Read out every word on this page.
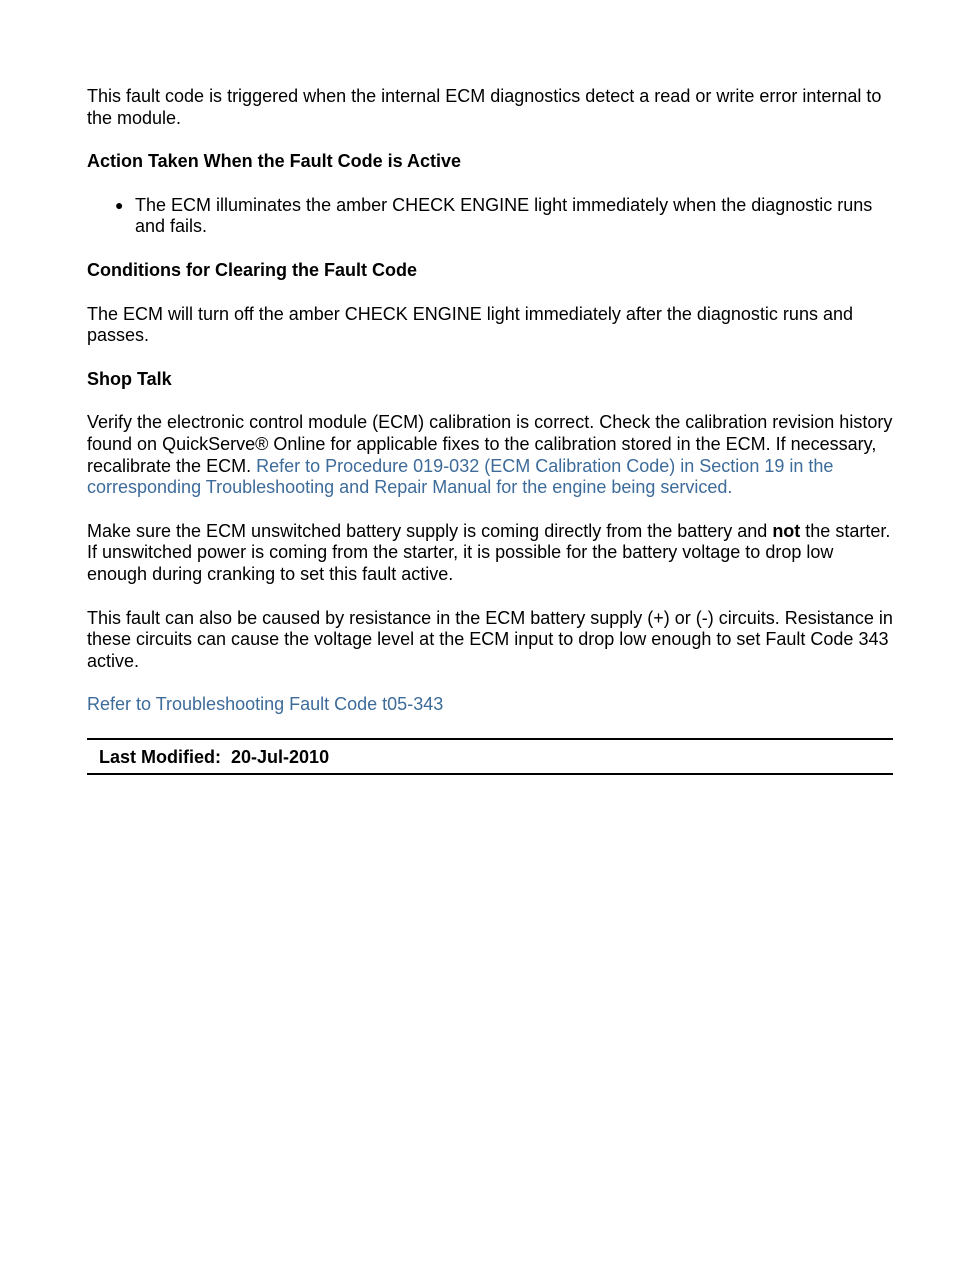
This fault code is triggered when the internal ECM diagnostics detect a read or write error internal to the module.

Action Taken When the Fault Code is Active
● The ECM illuminates the amber CHECK ENGINE light immediately when the diagnostic runs and fails.
Conditions for Clearing the Fault Code

The ECM will turn off the amber CHECK ENGINE light immediately after the diagnostic runs and passes.

Shop Talk

Verify the electronic control module (ECM) calibration is correct. Check the calibration revision history found on QuickServe® Online for applicable fixes to the calibration stored in the ECM. If necessary, recalibrate the ECM. Refer to Procedure 019-032 (ECM Calibration Code) in Section 19 in the corresponding Troubleshooting and Repair Manual for the engine being serviced.

Make sure the ECM unswitched battery supply is coming directly from the battery and not the starter. If unswitched power is coming from the starter, it is possible for the battery voltage to drop low enough during cranking to set this fault active.

This fault can also be caused by resistance in the ECM battery supply (+) or (-) circuits. Resistance in these circuits can cause the voltage level at the ECM input to drop low enough to set Fault Code 343 active.

Refer to Troubleshooting Fault Code t05-343

Last Modified: 20-Jul-2010
